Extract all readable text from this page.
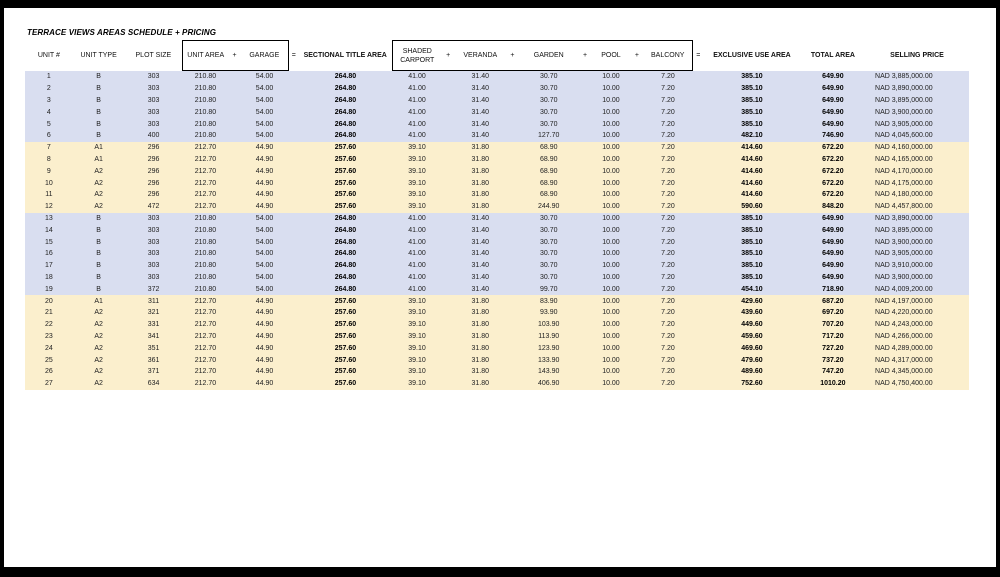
TERRACE VIEWS AREAS SCHEDULE + PRICING
UNIT #	UNIT TYPE	PLOT SIZE	UNIT AREA	+	GARAGE	=	SECTIONAL TITLE AREA	SHADED CARPORT	+	VERANDA	+	GARDEN	+	POOL	+	BALCONY	=	EXCLUSIVE USE AREA	TOTAL AREA	SELLING PRICE
1	B	303	210.80		54.00		264.80	41.00		31.40		30.70		10.00		7.20		385.10	649.90	NAD 3,885,000.00
2	B	303	210.80		54.00		264.80	41.00		31.40		30.70		10.00		7.20		385.10	649.90	NAD 3,890,000.00
3	B	303	210.80		54.00		264.80	41.00		31.40		30.70		10.00		7.20		385.10	649.90	NAD 3,895,000.00
4	B	303	210.80		54.00		264.80	41.00		31.40		30.70		10.00		7.20		385.10	649.90	NAD 3,900,000.00
5	B	303	210.80		54.00		264.80	41.00		31.40		30.70		10.00		7.20		385.10	649.90	NAD 3,905,000.00
6	B	400	210.80		54.00		264.80	41.00		31.40		127.70		10.00		7.20		482.10	746.90	NAD 4,045,600.00
7	A1	296	212.70		44.90		257.60	39.10		31.80		68.90		10.00		7.20		414.60	672.20	NAD 4,160,000.00
8	A1	296	212.70		44.90		257.60	39.10		31.80		68.90		10.00		7.20		414.60	672.20	NAD 4,165,000.00
9	A2	296	212.70		44.90		257.60	39.10		31.80		68.90		10.00		7.20		414.60	672.20	NAD 4,170,000.00
10	A2	296	212.70		44.90		257.60	39.10		31.80		68.90		10.00		7.20		414.60	672.20	NAD 4,175,000.00
11	A2	296	212.70		44.90		257.60	39.10		31.80		68.90		10.00		7.20		414.60	672.20	NAD 4,180,000.00
12	A2	472	212.70		44.90		257.60	39.10		31.80		244.90		10.00		7.20		590.60	848.20	NAD 4,457,800.00
13	B	303	210.80		54.00		264.80	41.00		31.40		30.70		10.00		7.20		385.10	649.90	NAD 3,890,000.00
14	B	303	210.80		54.00		264.80	41.00		31.40		30.70		10.00		7.20		385.10	649.90	NAD 3,895,000.00
15	B	303	210.80		54.00		264.80	41.00		31.40		30.70		10.00		7.20		385.10	649.90	NAD 3,900,000.00
16	B	303	210.80		54.00		264.80	41.00		31.40		30.70		10.00		7.20		385.10	649.90	NAD 3,905,000.00
17	B	303	210.80		54.00		264.80	41.00		31.40		30.70		10.00		7.20		385.10	649.90	NAD 3,910,000.00
18	B	303	210.80		54.00		264.80	41.00		31.40		30.70		10.00		7.20		385.10	649.90	NAD 3,900,000.00
19	B	372	210.80		54.00		264.80	41.00		31.40		99.70		10.00		7.20		454.10	718.90	NAD 4,009,200.00
20	A1	311	212.70		44.90		257.60	39.10		31.80		83.90		10.00		7.20		429.60	687.20	NAD 4,197,000.00
21	A2	321	212.70		44.90		257.60	39.10		31.80		93.90		10.00		7.20		439.60	697.20	NAD 4,220,000.00
22	A2	331	212.70		44.90		257.60	39.10		31.80		103.90		10.00		7.20		449.60	707.20	NAD 4,243,000.00
23	A2	341	212.70		44.90		257.60	39.10		31.80		113.90		10.00		7.20		459.60	717.20	NAD 4,266,000.00
24	A2	351	212.70		44.90		257.60	39.10		31.80		123.90		10.00		7.20		469.60	727.20	NAD 4,289,000.00
25	A2	361	212.70		44.90		257.60	39.10		31.80		133.90		10.00		7.20		479.60	737.20	NAD 4,317,000.00
26	A2	371	212.70		44.90		257.60	39.10		31.80		143.90		10.00		7.20		489.60	747.20	NAD 4,345,000.00
27	A2	634	212.70		44.90		257.60	39.10		31.80		406.90		10.00		7.20		752.60	1010.20	NAD 4,750,400.00
